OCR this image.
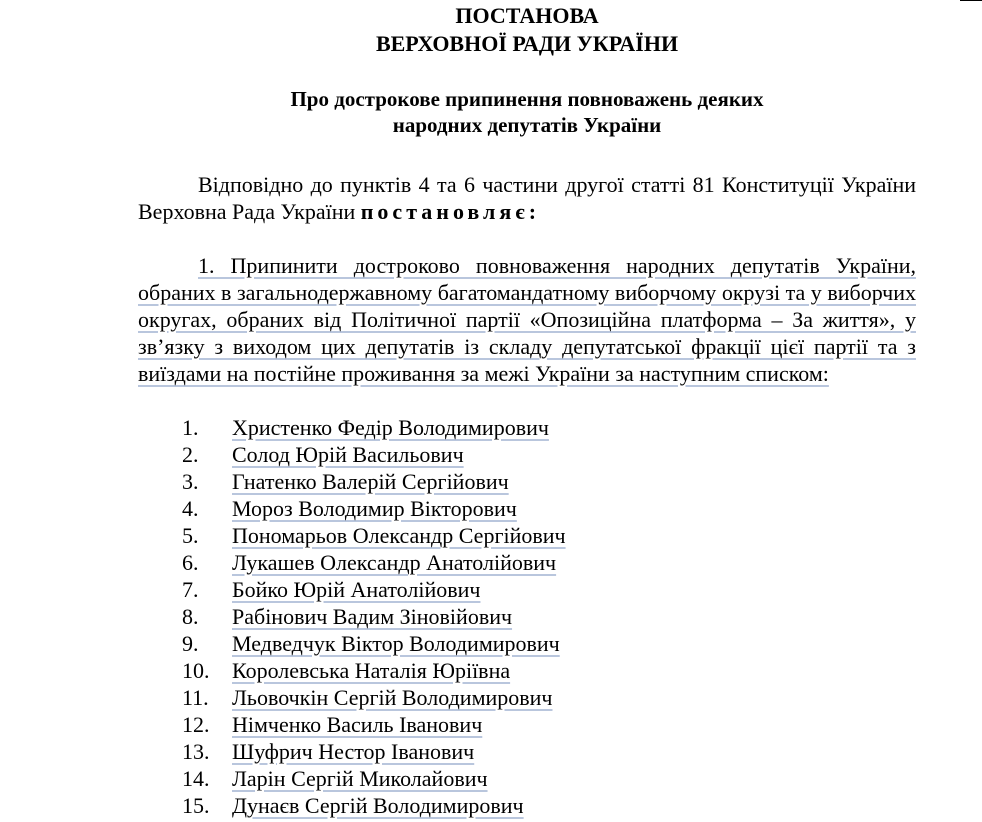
ПОСТАНОВА
ВЕРХОВНОЇ РАДИ УКРАЇНИ
Про дострокове припинення повноважень деяких
народних депутатів України

Відповідно до пунктів 4 та 6 частини другої статті 81 Конституції України Верховна Рада України постановляє:

1. Припинити достроково повноваження народних депутатів України, обраних в загальнодержавному багатомандатному виборчому окрузі та у виборчих округах, обраних від Політичної партії «Опозиційна платформа – За життя», у зв’язку з виходом цих депутатів із складу депутатської фракції цієї партії та з виїздами на постійне проживання за межі України за наступним списком:

1.	Христенко Федір Володимирович
2.	Солод Юрій Васильович
3.	Гнатенко Валерій Сергійович
4.	Мороз Володимир Вікторович
5.	Пономарьов Олександр Сергійович
6.	Лукашев Олександр Анатолійович
7.	Бойко Юрій Анатолійович
8.	Рабінович Вадим Зіновійович
9.	Медведчук Віктор Володимирович
10.	Королевська Наталія Юріївна
11.	Льовочкін Сергій Володимирович
12.	Німченко Василь Іванович
13.	Шуфрич Нестор Іванович
14.	Ларін Сергій Миколайович
15.	Дунаєв Сергій Володимирович
